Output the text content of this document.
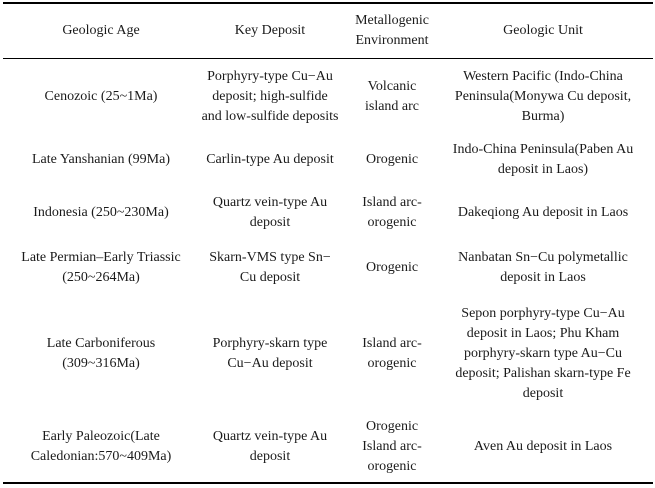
Geologic Age	Key Deposit
Metallogenic
Environment
Geologic Unit
Cenozoic (25~1Ma)
Porphyry-type Cu−Au
deposit; high-sulfide
and low-sulfide deposits
Volcanic
island arc
Western Pacific (Indo-China
Peninsula(Monywa Cu deposit,
Burma)
Late Yanshanian (99Ma)	Carlin-type Au deposit Orogenic
Indo-China Peninsula(Paben Au
deposit in Laos)
Indonesia (250~230Ma)
Quartz vein-type Au
deposit
Island arc-
orogenic
Dakeqiong Au deposit in Laos
Late Permian–Early Triassic
(250~264Ma)
Skarn-VMS type Sn−
Cu deposit
Orogenic
Nanbatan Sn−Cu polymetallic
deposit in Laos
Late Carboniferous
(309~316Ma)
Porphyry-skarn type
Cu−Au deposit
Island arc-
orogenic
Sepon porphyry-type Cu−Au
deposit in Laos; Phu Kham
porphyry-skarn type Au−Cu
deposit; Palishan skarn-type Fe
deposit
Early Paleozoic(Late
Caledonian:570~409Ma)
Quartz vein-type Au
deposit
Orogenic
Island arc-
orogenic
Aven Au deposit in Laos
